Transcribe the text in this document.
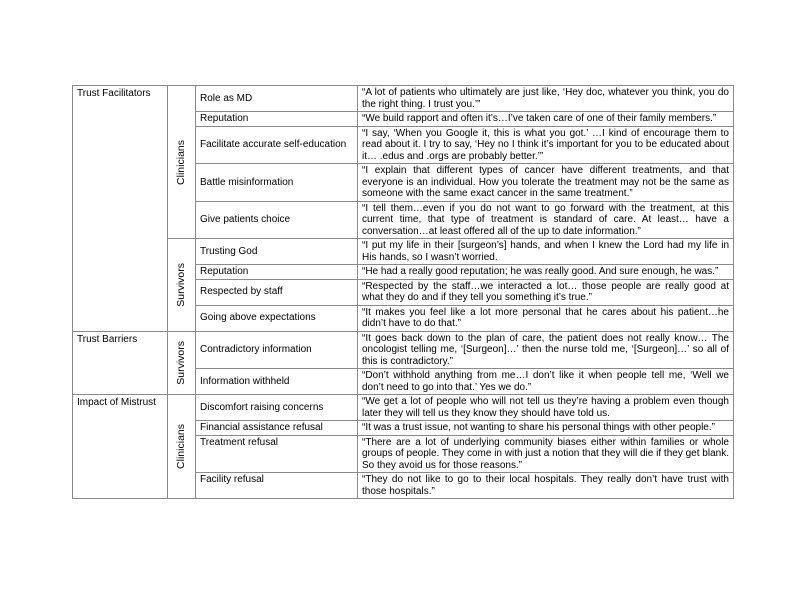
Trust Facilitators	Clinicians	Role as MD	“A lot of patients who ultimately are just like, ‘Hey doc, whatever you think, you do the right thing. I trust you.’”
		Reputation	“We build rapport and often it’s…I’ve taken care of one of their family members.”
		Facilitate accurate self-education	“I say, ‘When you Google it, this is what you got.’ …I kind of encourage them to read about it. I try to say, ‘Hey no I think it’s important for you to be educated about it… .edus and .orgs are probably better.’”
		Battle misinformation	“I explain that different types of cancer have different treatments, and that everyone is an individual. How you tolerate the treatment may not be the same as someone with the same exact cancer in the same treatment.”
		Give patients choice	“I tell them…even if you do not want to go forward with the treatment, at this current time, that type of treatment is standard of care. At least… have a conversation…at least offered all of the up to date information.”

	Survivors	Trusting God	“I put my life in their [surgeon’s] hands, and when I knew the Lord had my life in His hands, so I wasn’t worried.
		Reputation	“He had a really good reputation; he was really good. And sure enough, he was.”
		Respected by staff	“Respected by the staff…we interacted a lot… those people are really good at what they do and if they tell you something it’s true.”
		Going above expectations	“It makes you feel like a lot more personal that he cares about his patient…he didn’t have to do that.”
Trust Barriers	Survivors	Contradictory information	“It goes back down to the plan of care, the patient does not really know… The oncologist telling me, ‘[Surgeon]…’ then the nurse told me, ‘[Surgeon]…’ so all of this is contradictory.”
		Information withheld	“Don’t withhold anything from me…I don’t like it when people tell me, ‘Well we don’t need to go into that.’ Yes we do.”
Impact of Mistrust	Clinicians	Discomfort raising concerns	“We get a lot of people who will not tell us they’re having a problem even though later they will tell us they know they should have told us.
		Financial assistance refusal	“It was a trust issue, not wanting to share his personal things with other people.”
		Treatment refusal	“There are a lot of underlying community biases either within families or whole groups of people. They come in with just a notion that they will die if they get blank. So they avoid us for those reasons.”
		Facility refusal	“They do not like to go to their local hospitals. They really don’t have trust with those hospitals.”
